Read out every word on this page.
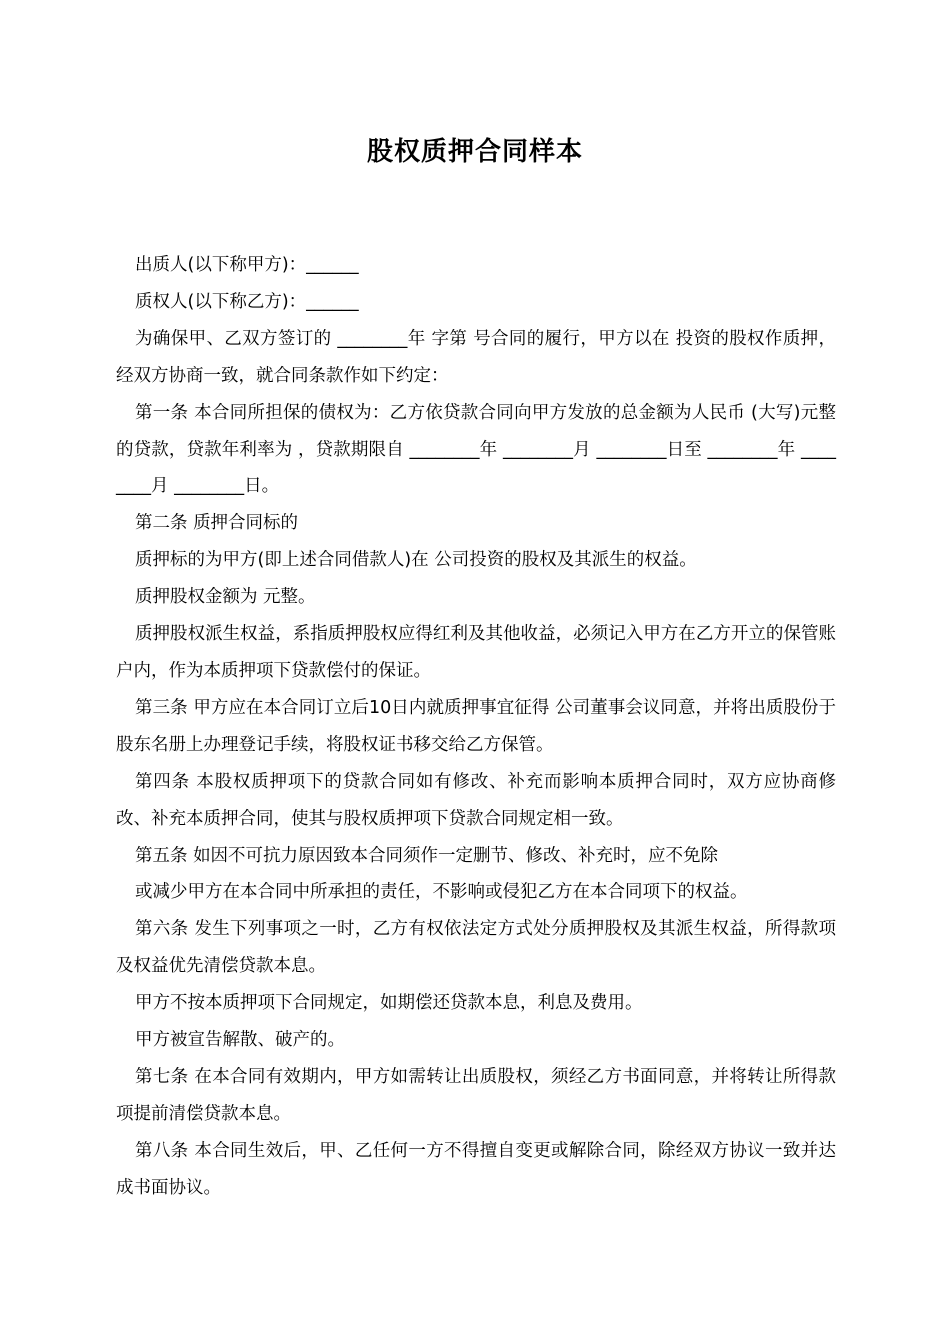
股权质押合同样本

出质人(以下称甲方)：______

质权人(以下称乙方)：______

为确保甲、乙双方签订的 ________年 字第 号合同的履行，甲方以在 投资的股权作质押，经双方协商一致，就合同条款作如下约定：

第一条 本合同所担保的债权为：乙方依贷款合同向甲方发放的总金额为人民币 (大写)元整的贷款，贷款年利率为 ，贷款期限自 ________年 ________月 ________日至 ________年 ________月 ________日。

第二条 质押合同标的

质押标的为甲方(即上述合同借款人)在 公司投资的股权及其派生的权益。

质押股权金额为 元整。

质押股权派生权益，系指质押股权应得红利及其他收益，必须记入甲方在乙方开立的保管账户内，作为本质押项下贷款偿付的保证。

第三条 甲方应在本合同订立后10日内就质押事宜征得 公司董事会议同意，并将出质股份于股东名册上办理登记手续，将股权证书移交给乙方保管。

第四条 本股权质押项下的贷款合同如有修改、补充而影响本质押合同时，双方应协商修改、补充本质押合同，使其与股权质押项下贷款合同规定相一致。

第五条 如因不可抗力原因致本合同须作一定删节、修改、补充时，应不免除

或减少甲方在本合同中所承担的责任，不影响或侵犯乙方在本合同项下的权益。

第六条 发生下列事项之一时，乙方有权依法定方式处分质押股权及其派生权益，所得款项及权益优先清偿贷款本息。

甲方不按本质押项下合同规定，如期偿还贷款本息，利息及费用。

甲方被宣告解散、破产的。

第七条 在本合同有效期内，甲方如需转让出质股权，须经乙方书面同意，并将转让所得款项提前清偿贷款本息。

第八条 本合同生效后，甲、乙任何一方不得擅自变更或解除合同，除经双方协议一致并达成书面协议。
